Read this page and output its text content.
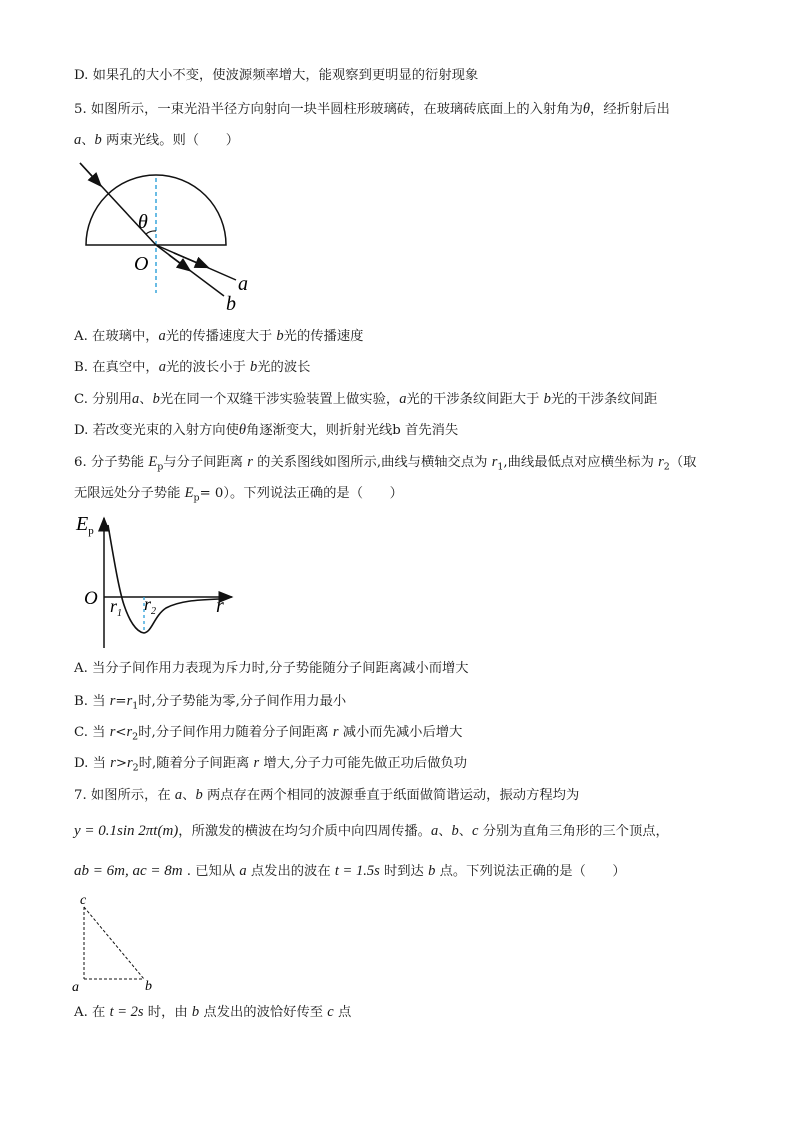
D. 如果孔的大小不变，使波源频率增大，能观察到更明显的衍射现象
5. 如图所示，一束光沿半径方向射向一块半圆柱形玻璃砖，在玻璃砖底面上的入射角为θ，经折射后出
a、b 两束光线。则（　　）
θ
O
a
b
A. 在玻璃中，a光的传播速度大于 b光的传播速度
B. 在真空中，a光的波长小于 b光的波长
C. 分别用a、b光在同一个双缝干涉实验装置上做实验，a光的干涉条纹间距大于 b光的干涉条纹间距
D. 若改变光束的入射方向使θ角逐渐变大，则折射光线b 首先消失
6. 分子势能 $E_p$与分子间距离 r 的关系图线如图所示,曲线与横轴交点为 $r_1$,曲线最低点对应横坐标为 $r_2$（取
无限远处分子势能 $E_p= 0$）。下列说法正确的是（　　）
$E_p$
O $r_1$ $r_2$	r
A. 当分子间作用力表现为斥力时,分子势能随分子间距离减小而增大
B. 当 $r=r_1$时,分子势能为零,分子间作用力最小
C. 当 $r<r_2$时,分子间作用力随着分子间距离 r 减小而先减小后增大
D. 当 $r>r_2$时,随着分子间距离 r 增大,分子力可能先做正功后做负功
7. 如图所示，在 a、b 两点存在两个相同的波源垂直于纸面做简谐运动，振动方程均为
y = 0.1sin 2πt(m)，所激发的横波在均匀介质中向四周传播。a、b、c 分别为直角三角形的三个顶点，
ab = 6m, ac = 8m . 已知从 a 点发出的波在 t = 1.5s 时到达 b 点。下列说法正确的是（　　）
c
a	b
A. 在 t = 2s 时，由 b 点发出的波恰好传至 c 点
